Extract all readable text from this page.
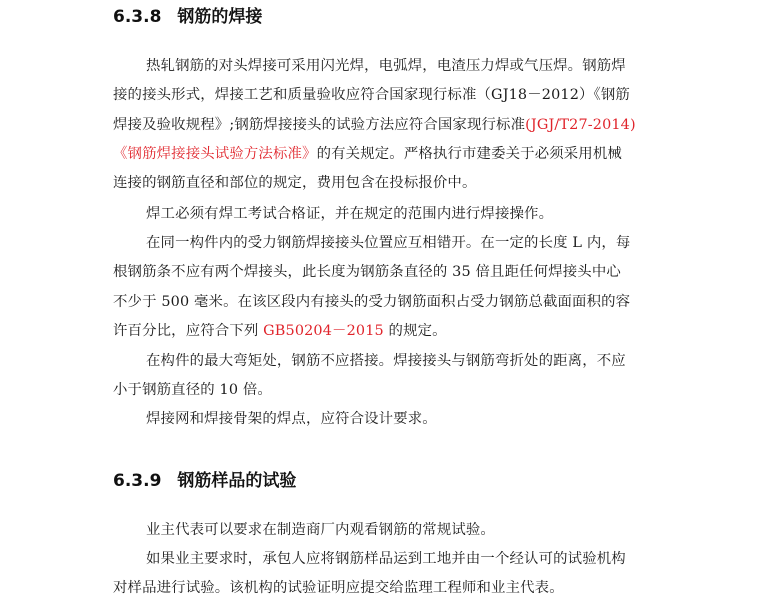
6.3.8 钢筋的焊接
热轧钢筋的对头焊接可采用闪光焊，电弧焊，电渣压力焊或气压焊。钢筋焊
接的接头形式，焊接工艺和质量验收应符合国家现行标准（GJ18－2012）《钢筋
焊接及验收规程》;钢筋焊接接头的试验方法应符合国家现行标准(JGJ/T27-2014)
《钢筋焊接接头试验方法标准》的有关规定。严格执行市建委关于必须采用机械
连接的钢筋直径和部位的规定，费用包含在投标报价中。
焊工必须有焊工考试合格证，并在规定的范围内进行焊接操作。
在同一构件内的受力钢筋焊接接头位置应互相错开。在一定的长度 L 内，每
根钢筋条不应有两个焊接头，此长度为钢筋条直径的 35 倍且距任何焊接头中心
不少于 500 毫米。在该区段内有接头的受力钢筋面积占受力钢筋总截面面积的容
许百分比，应符合下列 GB50204－2015 的规定。
在构件的最大弯矩处，钢筋不应搭接。焊接接头与钢筋弯折处的距离，不应
小于钢筋直径的 10 倍。
焊接网和焊接骨架的焊点，应符合设计要求。
6.3.9 钢筋样品的试验
业主代表可以要求在制造商厂内观看钢筋的常规试验。
如果业主要求时，承包人应将钢筋样品运到工地并由一个经认可的试验机构
对样品进行试验。该机构的试验证明应提交给监理工程师和业主代表。
